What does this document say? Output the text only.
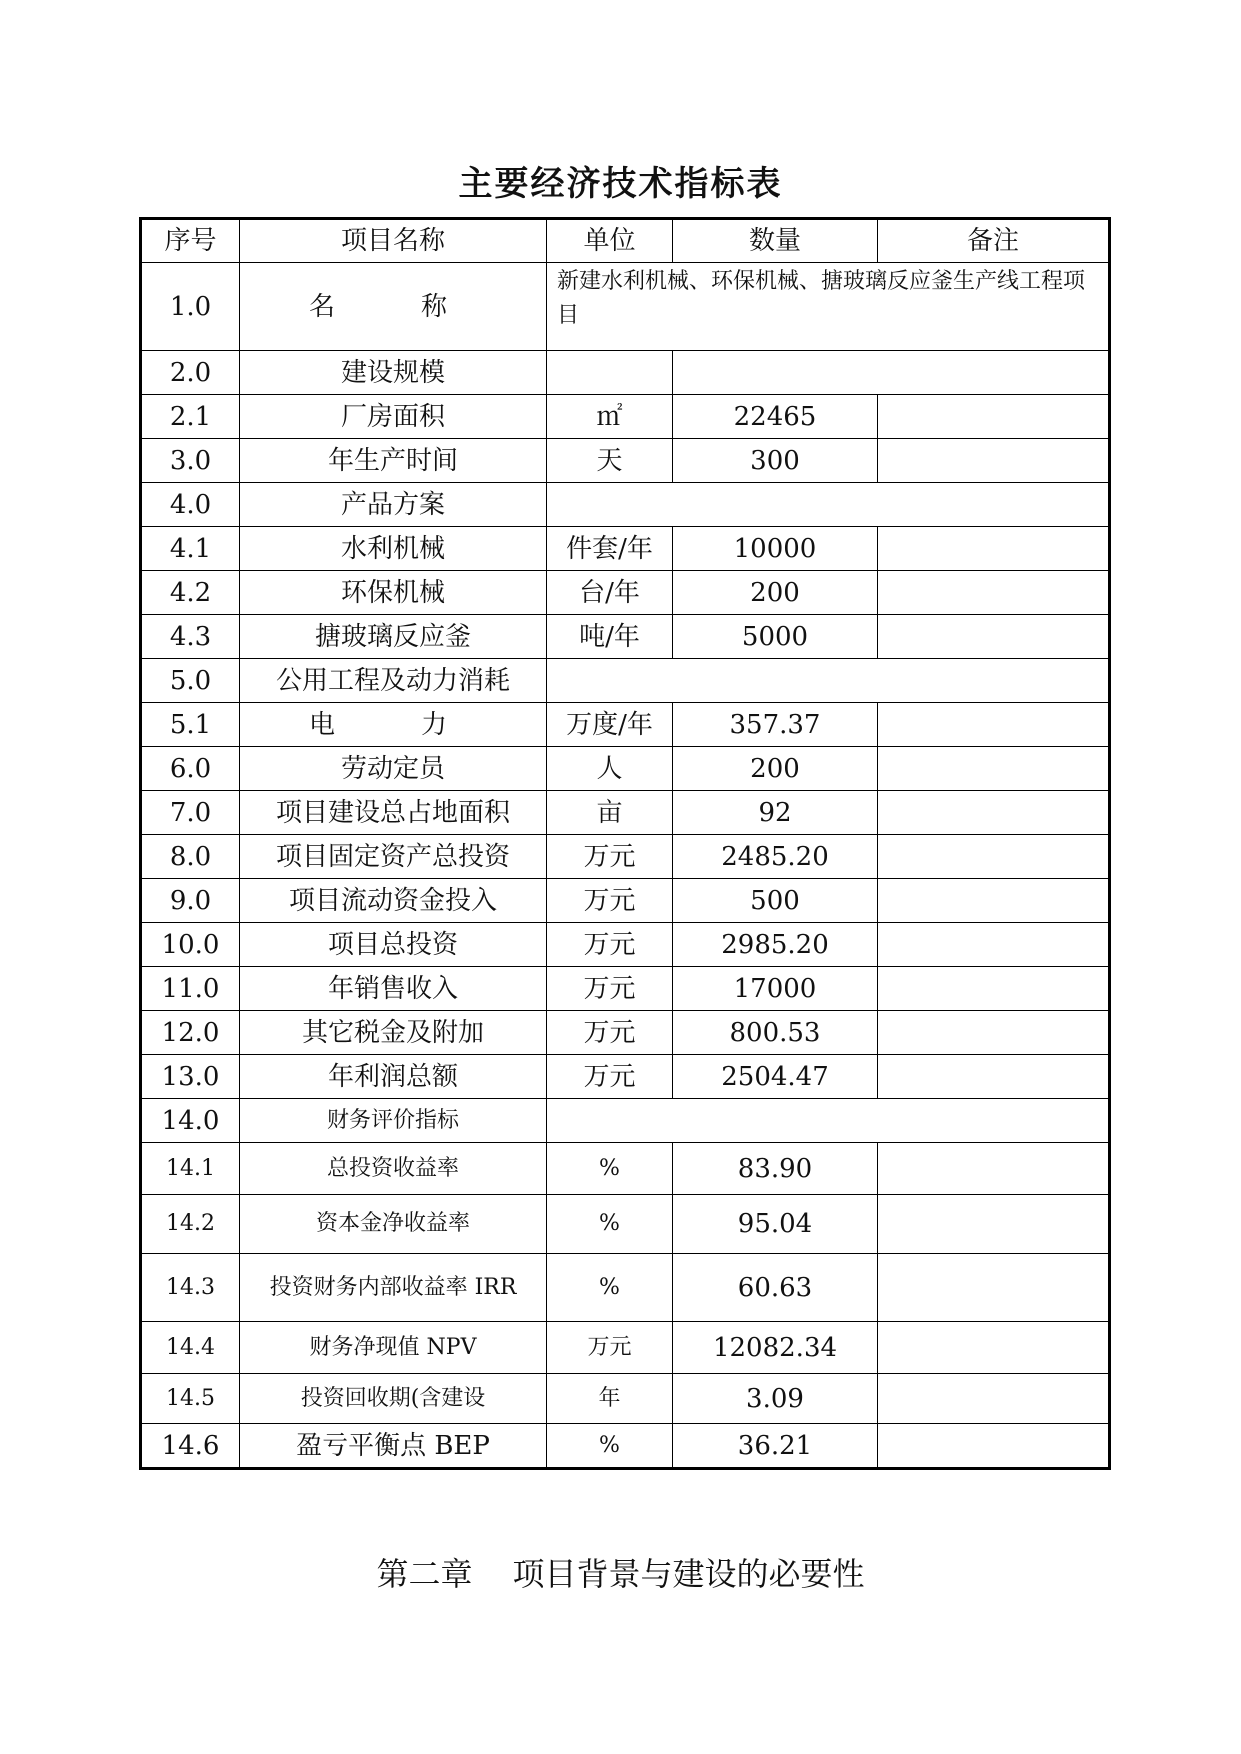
主要经济技术指标表
序号	项目名称	单位	数量	备注
1.0	名　称	新建水利机械、环保机械、搪玻璃反应釜生产线工程项目		
2.0	建设规模			
2.1	厂房面积	㎡	22465	
3.0	年生产时间	天	300	
4.0	产品方案			
4.1	水利机械	件套/年	10000	
4.2	环保机械	台/年	200	
4.3	搪玻璃反应釜	吨/年	5000	
5.0	公用工程及动力消耗			
5.1	电　力	万度/年	357.37	
6.0	劳动定员	人	200	
7.0	项目建设总占地面积	亩	92	
8.0	项目固定资产总投资	万元	2485.20	
9.0	项目流动资金投入	万元	500	
10.0	项目总投资	万元	2985.20	
11.0	年销售收入	万元	17000	
12.0	其它税金及附加	万元	800.53	
13.0	年利润总额	万元	2504.47	
14.0	财务评价指标			
14.1	总投资收益率	%	83.90	
14.2	资本金净收益率	%	95.04	
14.3	投资财务内部收益率 IRR	%	60.63	
14.4	财务净现值 NPV	万元	12082.34	
14.5	投资回收期(含建设	年	3.09	
14.6	盈亏平衡点 BEP	%	36.21	
第二章 项目背景与建设的必要性
